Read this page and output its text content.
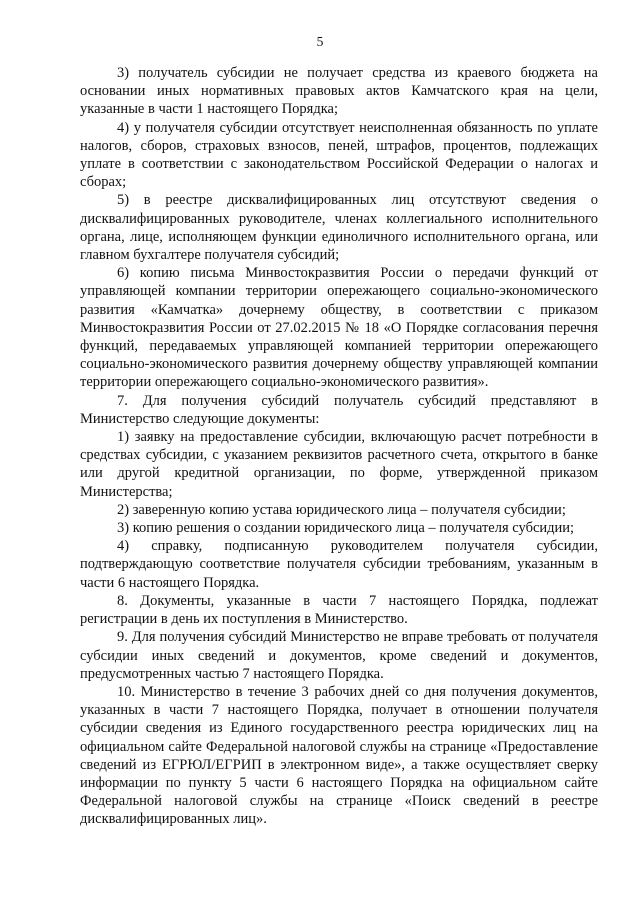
5

3) получатель субсидии не получает средства из краевого бюджета на основании иных нормативных правовых актов Камчатского края на цели, указанные в части 1 настоящего Порядка;

4) у получателя субсидии отсутствует неисполненная обязанность по уплате налогов, сборов, страховых взносов, пеней, штрафов, процентов, подлежащих уплате в соответствии с законодательством Российской Федерации о налогах и сборах;

5) в реестре дисквалифицированных лиц отсутствуют сведения о дисквалифицированных руководителе, членах коллегиального исполнительного органа, лице, исполняющем функции единоличного исполнительного органа, или главном бухгалтере получателя субсидий;

6) копию письма Минвостокразвития России о передачи функций от управляющей компании территории опережающего социально-экономического развития «Камчатка» дочернему обществу, в соответствии с приказом Минвостокразвития России от 27.02.2015 № 18 «О Порядке согласования перечня функций, передаваемых управляющей компанией территории опережающего социально-экономического развития дочернему обществу управляющей компании территории опережающего социально-экономического развития».

7. Для получения субсидий получатель субсидий представляют в Министерство следующие документы:

1) заявку на предоставление субсидии, включающую расчет потребности в средствах субсидии, с указанием реквизитов расчетного счета, открытого в банке или другой кредитной организации, по форме, утвержденной приказом Министерства;

2) заверенную копию устава юридического лица – получателя субсидии;

3) копию решения о создании юридического лица – получателя субсидии;

4) справку, подписанную руководителем получателя субсидии, подтверждающую соответствие получателя субсидии требованиям, указанным в части 6 настоящего Порядка.

8. Документы, указанные в части 7 настоящего Порядка, подлежат регистрации в день их поступления в Министерство.

9. Для получения субсидий Министерство не вправе требовать от получателя субсидии иных сведений и документов, кроме сведений и документов, предусмотренных частью 7 настоящего Порядка.

10. Министерство в течение 3 рабочих дней со дня получения документов, указанных в части 7 настоящего Порядка, получает в отношении получателя субсидии сведения из Единого государственного реестра юридических лиц на официальном сайте Федеральной налоговой службы на странице «Предоставление сведений из ЕГРЮЛ/ЕГРИП в электронном виде», а также осуществляет сверку информации по пункту 5 части 6 настоящего Порядка на официальном сайте Федеральной налоговой службы на странице «Поиск сведений в реестре дисквалифицированных лиц».
